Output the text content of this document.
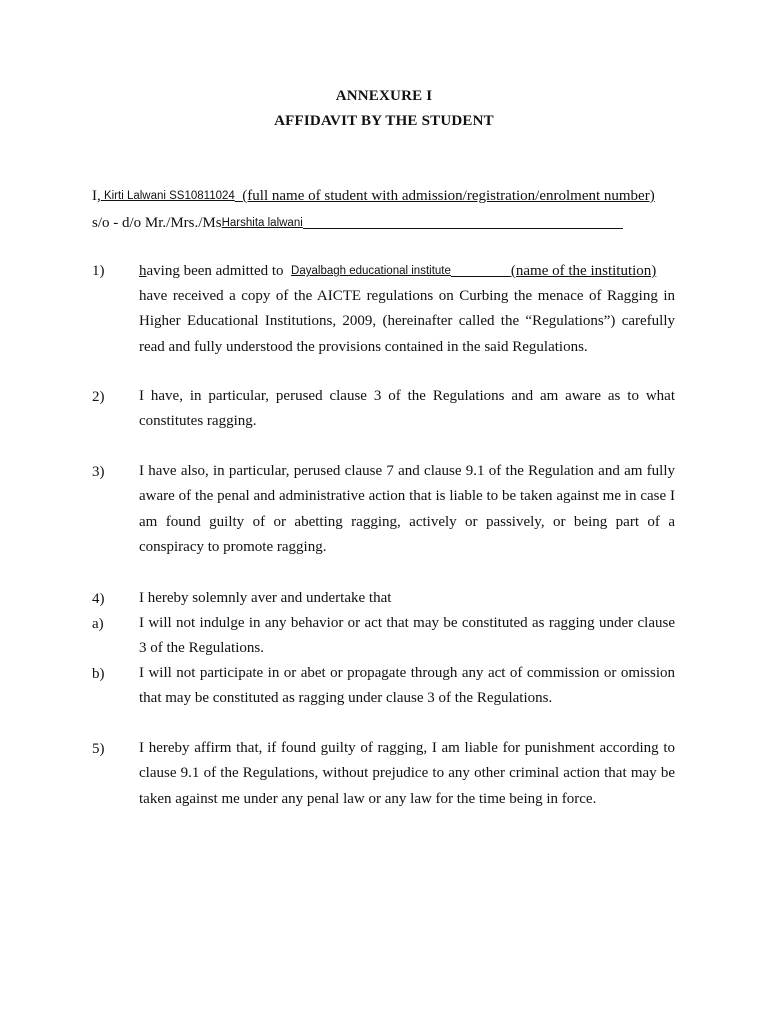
ANNEXURE I
AFFIDAVIT BY THE STUDENT
I, Kirti Lalwani SS10811024 (full name of student with admission/registration/enrolment number)
s/o - d/o Mr./Mrs./MsHarshita lalwani
1) having been admitted to Dayalbagh educational institute	(name of the institution)
have received a copy of the AICTE regulations on Curbing the menace of Ragging in Higher Educational Institutions, 2009, (hereinafter called the “Regulations”) carefully read and fully understood the provisions contained in the said Regulations.
2) I have, in particular, perused clause 3 of the Regulations and am aware as to what constitutes ragging.
3) I have also, in particular, perused clause 7 and clause 9.1 of the Regulation and am fully aware of the penal and administrative action that is liable to be taken against me in case I am found guilty of or abetting ragging, actively or passively, or being part of a conspiracy to promote ragging.
4) I hereby solemnly aver and undertake that
a) I will not indulge in any behavior or act that may be constituted as ragging under clause 3 of the Regulations.
b) I will not participate in or abet or propagate through any act of commission or omission that may be constituted as ragging under clause 3 of the Regulations.
5) I hereby affirm that, if found guilty of ragging, I am liable for punishment according to clause 9.1 of the Regulations, without prejudice to any other criminal action that may be taken against me under any penal law or any law for the time being in force.
